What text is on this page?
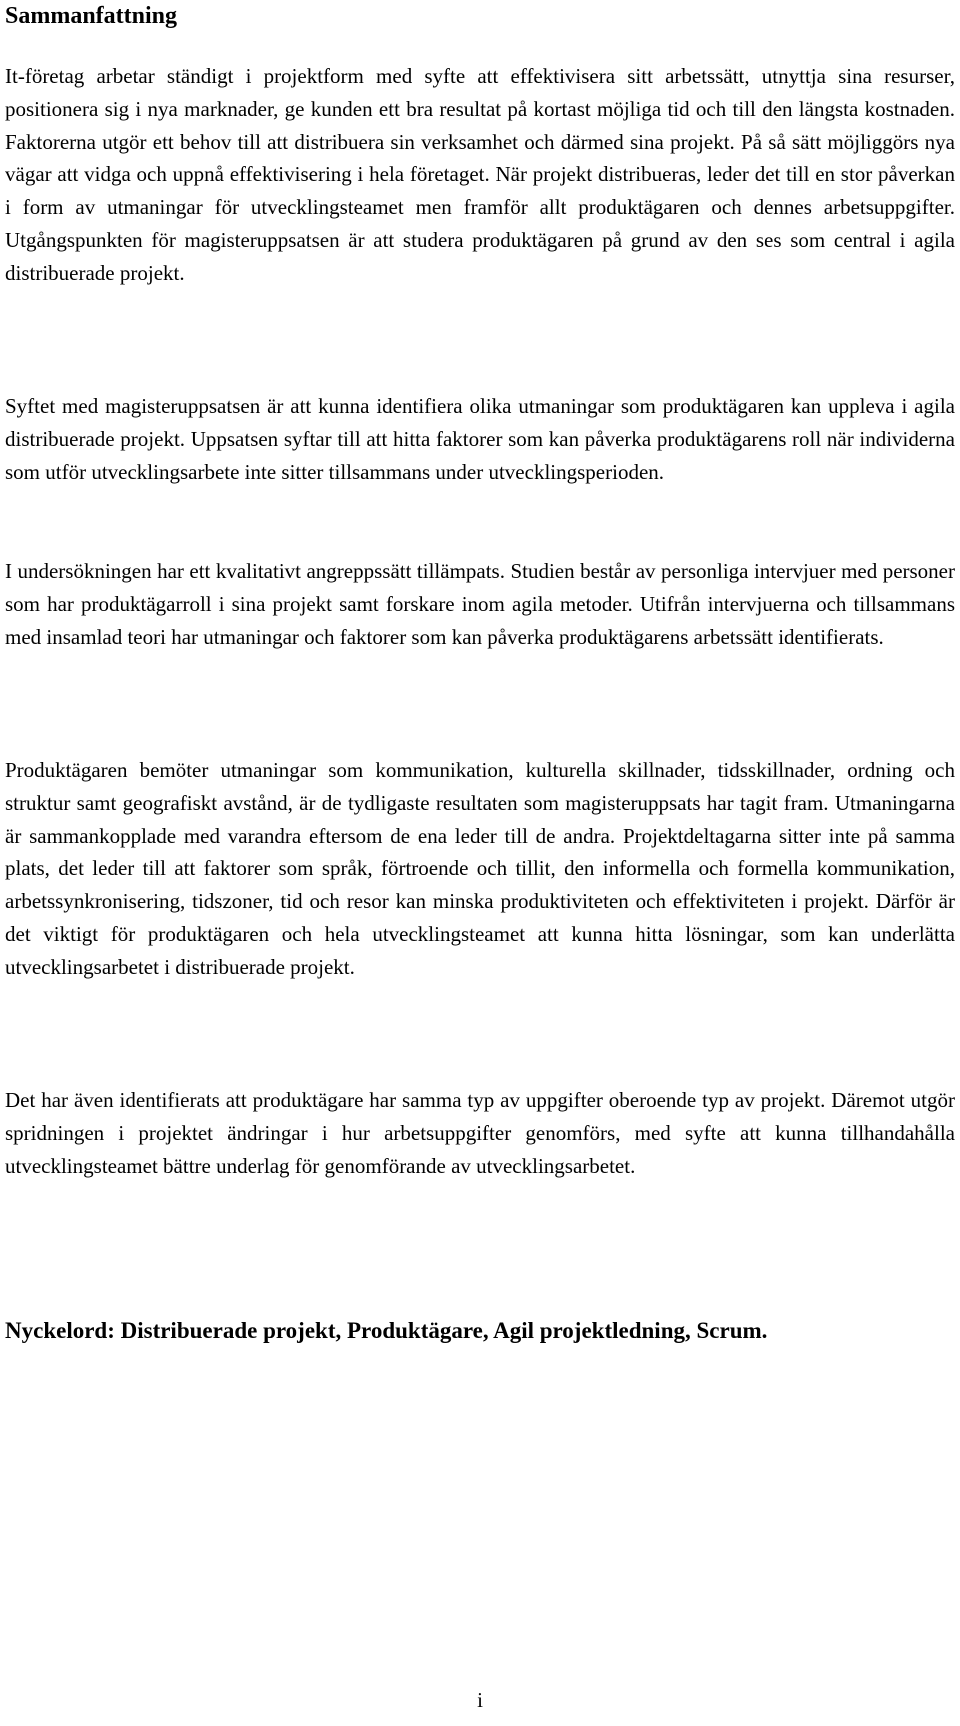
Sammanfattning

It-företag arbetar ständigt i projektform med syfte att effektivisera sitt arbetssätt, utnyttja sina resurser, positionera sig i nya marknader, ge kunden ett bra resultat på kortast möjliga tid och till den längsta kostnaden. Faktorerna utgör ett behov till att distribuera sin verksamhet och därmed sina projekt. På så sätt möjliggörs nya vägar att vidga och uppnå effektivisering i hela företaget. När projekt distribueras, leder det till en stor påverkan i form av utmaningar för utvecklingsteamet men framför allt produktägaren och dennes arbetsuppgifter. Utgångspunkten för magisteruppsatsen är att studera produktägaren på grund av den ses som central i agila distribuerade projekt.

Syftet med magisteruppsatsen är att kunna identifiera olika utmaningar som produktägaren kan uppleva i agila distribuerade projekt. Uppsatsen syftar till att hitta faktorer som kan påverka produktägarens roll när individerna som utför utvecklingsarbete inte sitter tillsammans under utvecklingsperioden.

I undersökningen har ett kvalitativt angreppssätt tillämpats. Studien består av personliga intervjuer med personer som har produktägarroll i sina projekt samt forskare inom agila metoder. Utifrån intervjuerna och tillsammans med insamlad teori har utmaningar och faktorer som kan påverka produktägarens arbetssätt identifierats.

Produktägaren bemöter utmaningar som kommunikation, kulturella skillnader, tidsskillnader, ordning och struktur samt geografiskt avstånd, är de tydligaste resultaten som magisteruppsats har tagit fram. Utmaningarna är sammankopplade med varandra eftersom de ena leder till de andra. Projektdeltagarna sitter inte på samma plats, det leder till att faktorer som språk, förtroende och tillit, den informella och formella kommunikation, arbetssynkronisering, tidszoner, tid och resor kan minska produktiviteten och effektiviteten i projekt. Därför är det viktigt för produktägaren och hela utvecklingsteamet att kunna hitta lösningar, som kan underlätta utvecklingsarbetet i distribuerade projekt.

Det har även identifierats att produktägare har samma typ av uppgifter oberoende typ av projekt. Däremot utgör spridningen i projektet ändringar i hur arbetsuppgifter genomförs, med syfte att kunna tillhandahålla utvecklingsteamet bättre underlag för genomförande av utvecklingsarbetet.

Nyckelord: Distribuerade projekt, Produktägare, Agil projektledning, Scrum.

i
